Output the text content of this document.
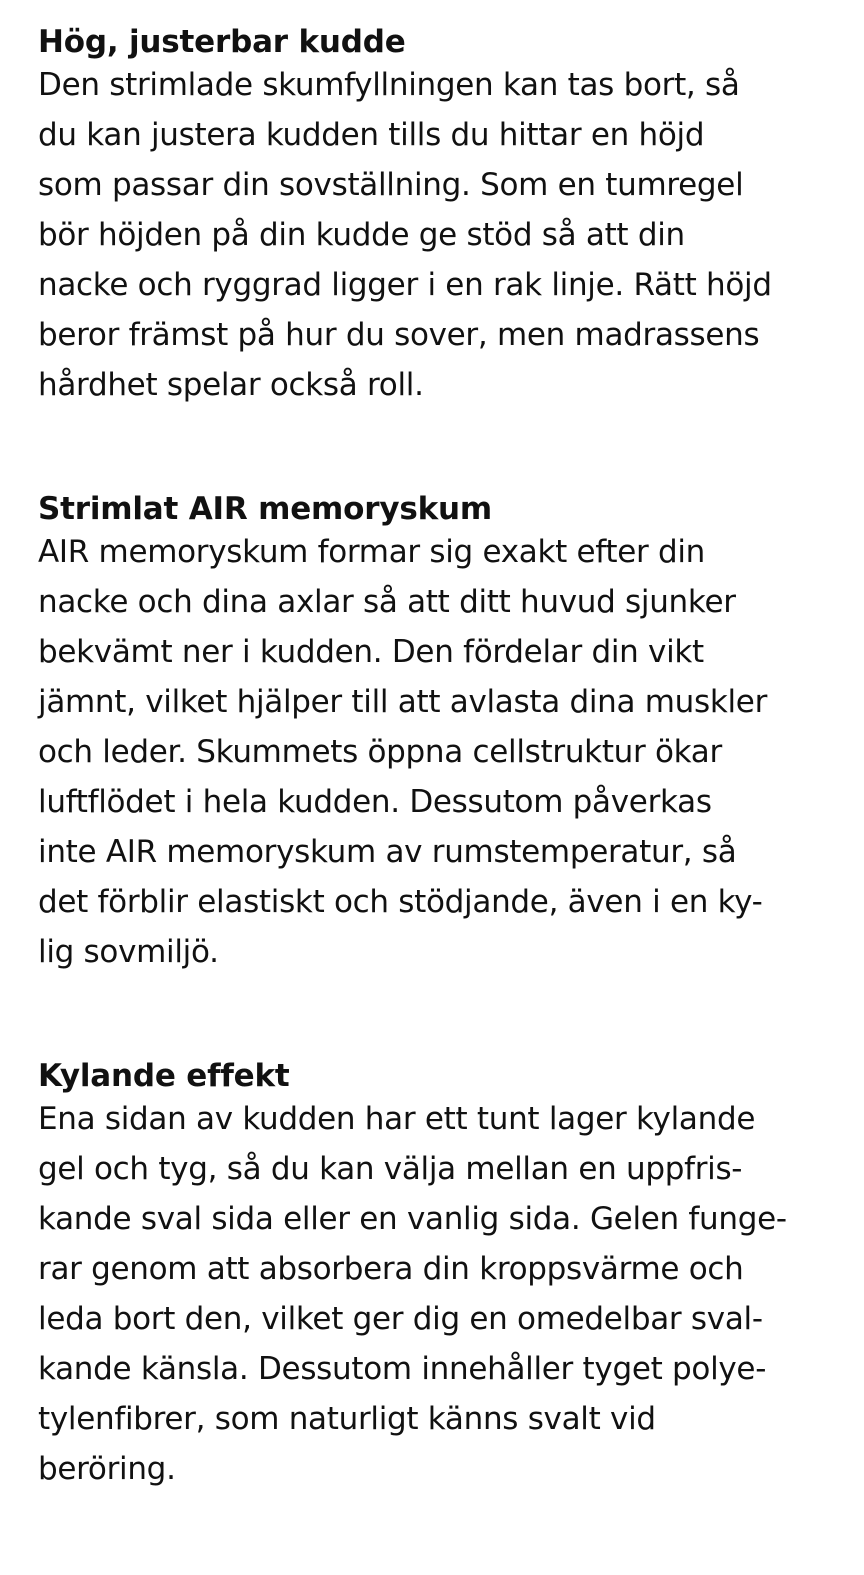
Hög, justerbar kudde

Den strimlade skumfyllningen kan tas bort, så
du kan justera kudden tills du hittar en höjd
som passar din sovställning. Som en tumregel
bör höjden på din kudde ge stöd så att din
nacke och ryggrad ligger i en rak linje. Rätt höjd
beror främst på hur du sover, men madrassens
hårdhet spelar också roll.

Strimlat AIR memoryskum

AIR memoryskum formar sig exakt efter din
nacke och dina axlar så att ditt huvud sjunker
bekvämt ner i kudden. Den fördelar din vikt
jämnt, vilket hjälper till att avlasta dina muskler
och leder. Skummets öppna cellstruktur ökar
luftflödet i hela kudden. Dessutom påverkas
inte AIR memoryskum av rumstemperatur, så
det förblir elastiskt och stödjande, även i en ky-
lig sovmiljö.

Kylande effekt

Ena sidan av kudden har ett tunt lager kylande
gel och tyg, så du kan välja mellan en uppfris-
kande sval sida eller en vanlig sida. Gelen funge-
rar genom att absorbera din kroppsvärme och
leda bort den, vilket ger dig en omedelbar sval-
kande känsla. Dessutom innehåller tyget polye-
tylenfibrer, som naturligt känns svalt vid
beröring.
